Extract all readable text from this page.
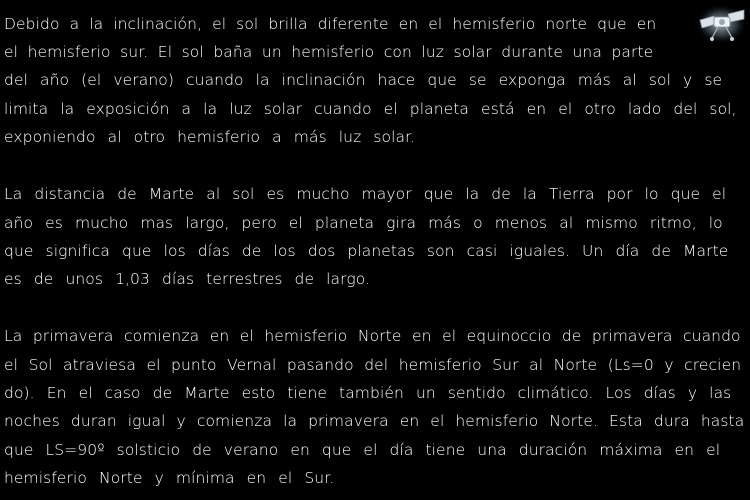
Debido a la inclinación, el sol brilla diferente en el hemisferio norte que en
el hemisferio sur. El sol baña un hemisferio con luz solar durante una parte
del año (el verano) cuando la inclinación hace que se exponga más al sol y se
limita la exposición a la luz solar cuando el planeta está en el otro lado del sol,
exponiendo al otro hemisferio a más luz solar.
La distancia de Marte al sol es mucho mayor que la de la Tierra por lo que el
año es mucho mas largo, pero el planeta gira más o menos al mismo ritmo, lo
que significa que los días de los dos planetas son casi iguales. Un día de Marte
es de unos 1,03 días terrestres de largo.
La primavera comienza en el hemisferio Norte en el equinoccio de primavera cuando
el Sol atraviesa el punto Vernal pasando del hemisferio Sur al Norte (Ls=0 y crecien
do). En el caso de Marte esto tiene también un sentido climático. Los días y las
noches duran igual y comienza la primavera en el hemisferio Norte. Esta dura hasta
que LS=90º solsticio de verano en que el día tiene una duración máxima en el
hemisferio Norte y mínima en el Sur.
